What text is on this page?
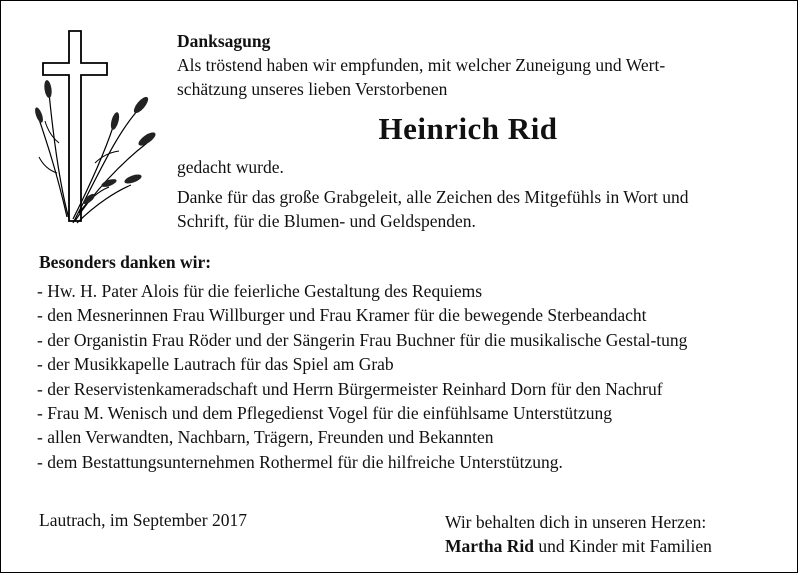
Danksagung
Als tröstend haben wir empfunden, mit welcher Zuneigung und Wert-
schätzung unseres lieben Verstorbenen
Heinrich Rid
gedacht wurde.
Danke für das große Grabgeleit, alle Zeichen des Mitgefühls in Wort und
Schrift, für die Blumen- und Geldspenden.
Besonders danken wir:
- Hw. H. Pater Alois für die feierliche Gestaltung des Requiems
- den Mesnerinnen Frau Willburger und Frau Kramer für die bewegende Sterbeandacht
- der Organistin Frau Röder und der Sängerin Frau Buchner für die musikalische Gestal-tung
- der Musikkapelle Lautrach für das Spiel am Grab
- der Reservistenkameradschaft und Herrn Bürgermeister Reinhard Dorn für den Nachruf
- Frau M. Wenisch und dem Pflegedienst Vogel für die einfühlsame Unterstützung
- allen Verwandten, Nachbarn, Trägern, Freunden und Bekannten
- dem Bestattungsunternehmen Rothermel für die hilfreiche Unterstützung.
Lautrach, im September 2017	Wir behalten dich in unseren Herzen:
Martha Rid und Kinder mit Familien
